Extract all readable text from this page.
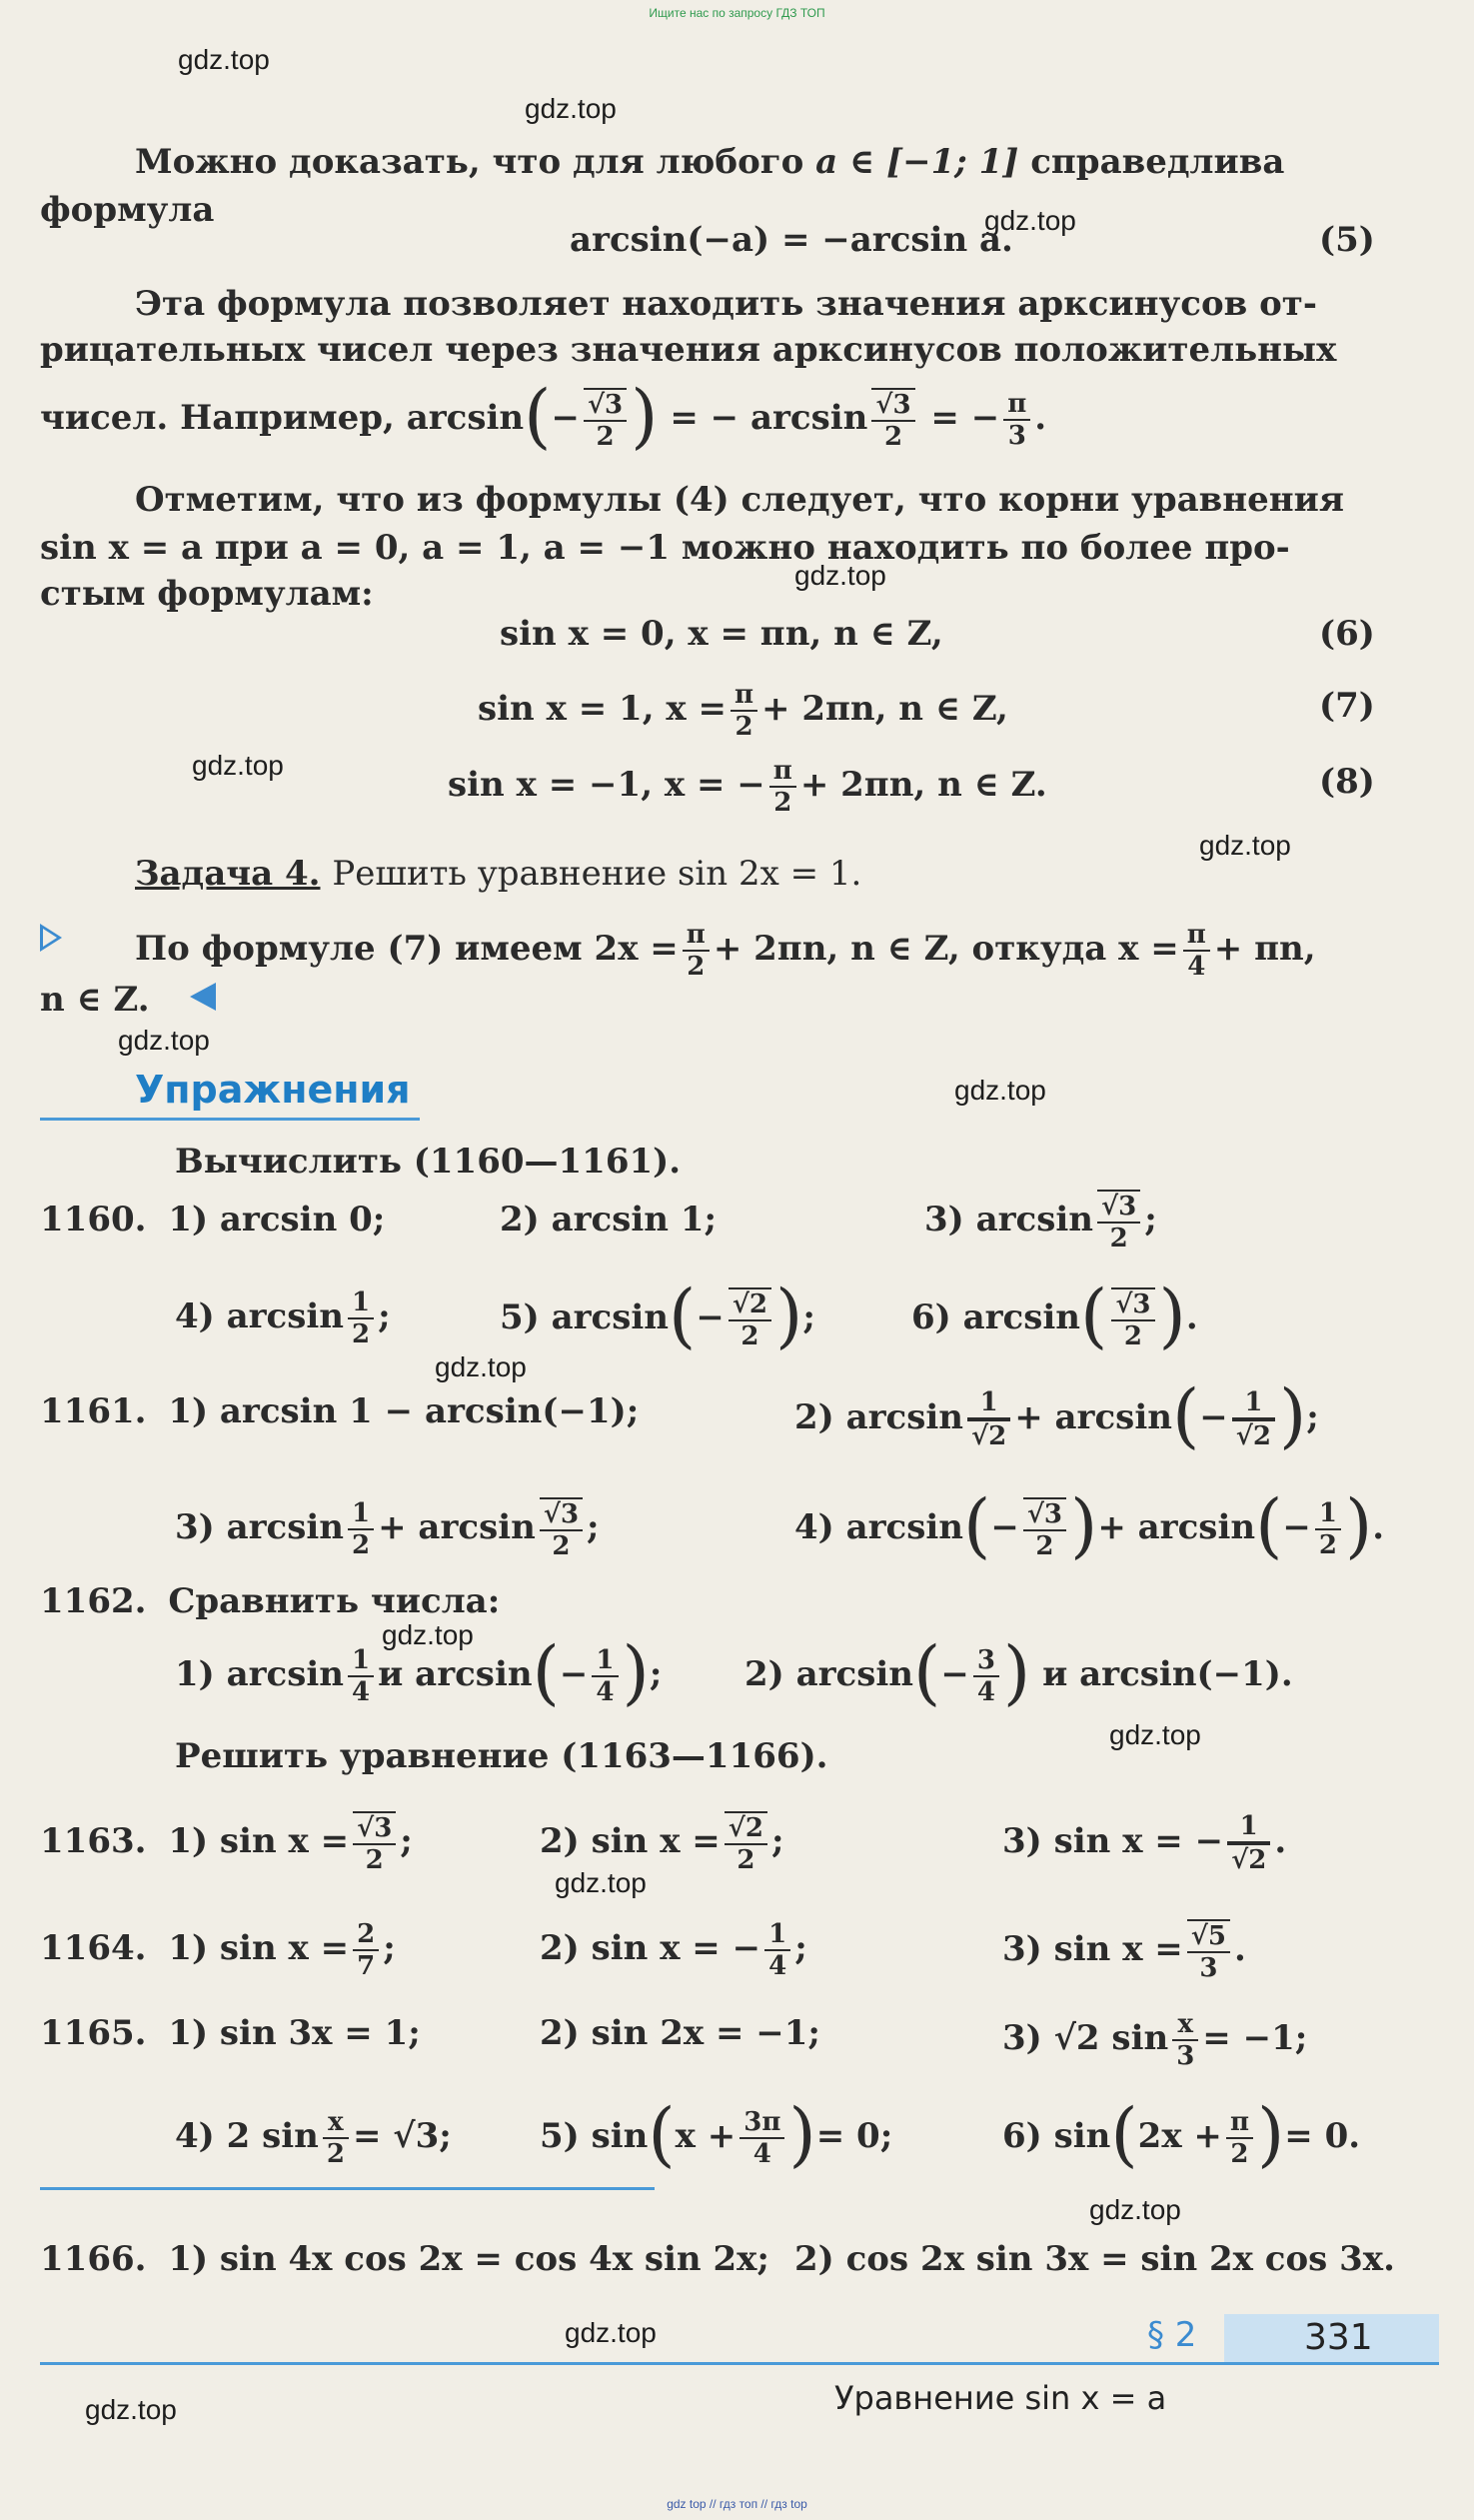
Ищите нас по запросу ГДЗ ТОП
gdz.top
gdz.top
gdz.top
gdz.top
gdz.top
gdz.top
gdz.top
gdz.top
gdz.top
gdz.top
gdz.top
gdz.top
gdz.top
gdz.top
gdz.top
Можно доказать, что для любого a ∈ [−1; 1] справедлива
формула
arcsin(−a) = −arcsin a.	(5)
Эта формула позволяет находить значения арксинусов от-
рицательных чисел через значения арксинусов положительных
чисел. Например, $\arcsin(- \frac{√3}{2}$ ) = − $\arcsin \frac{√3}{2}$ = − $\frac{\pi}{3}$ .
Отметим, что из формулы (4) следует, что корни уравнения
sin x = a при a = 0, a = 1, a = −1 можно находить по более про-
стым формулам:
sin x = 0, x = πn, n ∈ Z,	(6)
sin x = 1, $x = \frac{\pi}{2} + 2\pi n$, n ∈ Z,	(7)
sin x = −1, x = − $\frac{\pi}{2} + 2\pi n$, n ∈ Z.	(8)
Задача 4. Решить уравнение sin 2x = 1.
По формуле (7) имеем $2x = \frac{\pi}{2} + 2\pi n$, n ∈ Z, откуда $x = \frac{\pi}{4} + \pi n$,
n ∈ Z.
Упражнения
Вычислить (1160—1161).
1160. 1) arcsin 0;	2) arcsin 1;	3) $\arcsin \frac{√3}{2}$ ;
4) $\arcsin \frac{1}{2}$ ;	5) $\arcsin(- \frac{√2}{2}$ );	6) $\arcsin( \frac{√3}{2}$ ).
1161. 1) arcsin 1 − arcsin(−1);	2) $\arcsin \frac{1}{√2} + \arcsin(- \frac{1}{√2}$ );
3) $\arcsin \frac{1}{2} + \arcsin \frac{√3}{2}$ ;	4) $\arcsin(- \frac{√3}{2}$ )+ $\arcsin(- \frac{1}{2}$ ).
1162. Сравнить числа:
1) $\arcsin \frac{1}{4}$ и $\arcsin(- \frac{1}{4}$ ); 2) $\arcsin(- \frac{3}{4}$ ) и arcsin(−1).
Решить уравнение (1163—1166).
1163. 1) $\sin x = \frac{√3}{2}$ ;	2) $\sin x = \frac{√2}{2}$ ;	3) sin x = − $\frac{1}{√2}$ .
1164. 1) $\sin x = \frac{2}{7}$ ;	2) sin x = − $\frac{1}{4}$ ;	3) $\sin x = \frac{√5}{3}$ .
1165. 1) sin 3x = 1;	2) sin 2x = −1;	3) √2 $\sin \frac{x}{3} = -1$;
4) 2 $\sin \frac{x}{2} = √3$;	5) $\sin(x + \frac{3\pi}{4}$ )= 0;	6) $\sin(2x + \frac{\pi}{2}$ )= 0.
1166. 1) sin 4x cos 2x = cos 4x sin 2x; 2) cos 2x sin 3x = sin 2x cos 3x.
§ 2	331
Уравнение sin x = a
gdz top // гдз топ // гдз top
